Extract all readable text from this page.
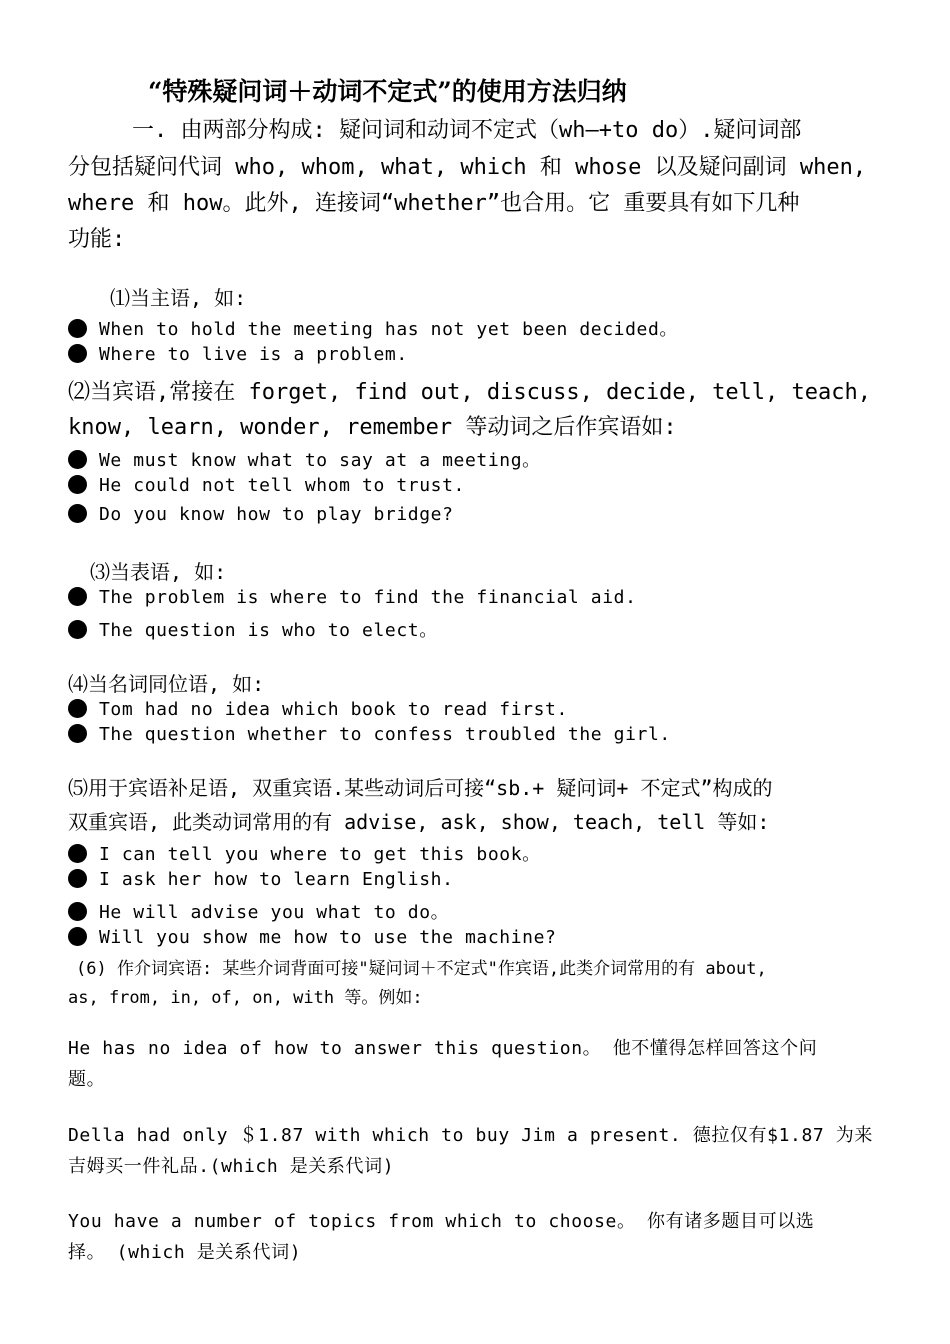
“特殊疑问词＋动词不定式”的使用方法归纳
一. 由两部分构成: 疑问词和动词不定式（wh—+to do）.疑问词部
分包括疑问代词 who, whom, what, which 和 whose 以及疑问副词 when,
where 和 how。此外, 连接词“whether”也合用。它 重要具有如下几种
功能:
⑴当主语, 如:
When to hold the meeting has not yet been decided。
Where to live is a problem.
⑵当宾语,常接在 forget, find out, discuss, decide, tell, teach,
know, learn, wonder, remember 等动词之后作宾语如:
We must know what to say at a meeting。
He could not tell whom to trust.
Do you know how to play bridge?
⑶当表语, 如:
The problem is where to find the financial aid.
The question is who to elect。
⑷当名词同位语, 如:
Tom had no idea which book to read first.
The question whether to confess troubled the girl.
⑸用于宾语补足语, 双重宾语.某些动词后可接“sb.+ 疑问词+ 不定式”构成的
双重宾语, 此类动词常用的有 advise, ask, show, teach, tell 等如:
I can tell you where to get this book。
I ask her how to learn English.
He will advise you what to do。
Will you show me how to use the machine?
(6) 作介词宾语: 某些介词背面可接"疑问词＋不定式"作宾语,此类介词常用的有 about,
as, from, in, of, on, with 等。例如:
He has no idea of how to answer this question。 他不懂得怎样回答这个问
题。
Della had only ＄1.87 with which to buy Jim a present. 德拉仅有$1.87 为来
吉姆买一件礼品.(which 是关系代词)
You have a number of topics from which to choose。 你有诸多题目可以选
择。 (which 是关系代词)
